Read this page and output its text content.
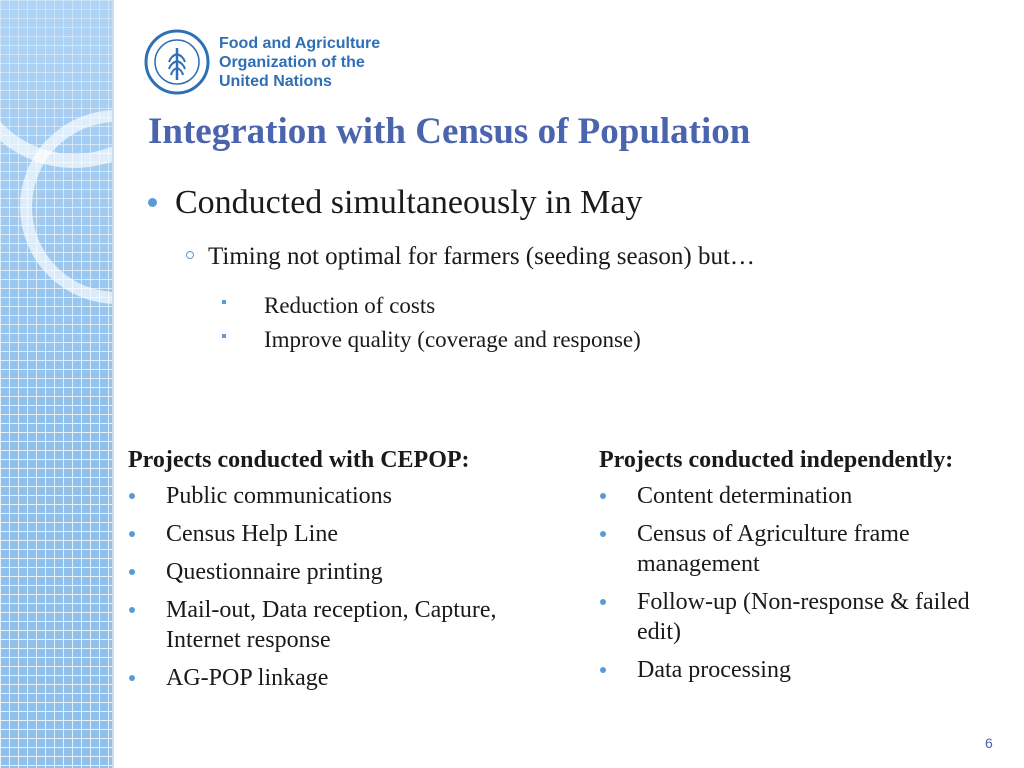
Food and Agriculture
Organization of the
United Nations
Integration with Census of Population
Conducted simultaneously in May
Timing not optimal for farmers (seeding season) but…
Reduction of costs
Improve quality (coverage and response)
Projects conducted with CEPOP:
Public communications
Census Help Line
Questionnaire printing
Mail-out, Data reception, Capture, Internet response
AG-POP linkage
Projects conducted independently:
Content determination
Census of Agriculture frame management
Follow-up (Non-response & failed edit)
Data processing
6
